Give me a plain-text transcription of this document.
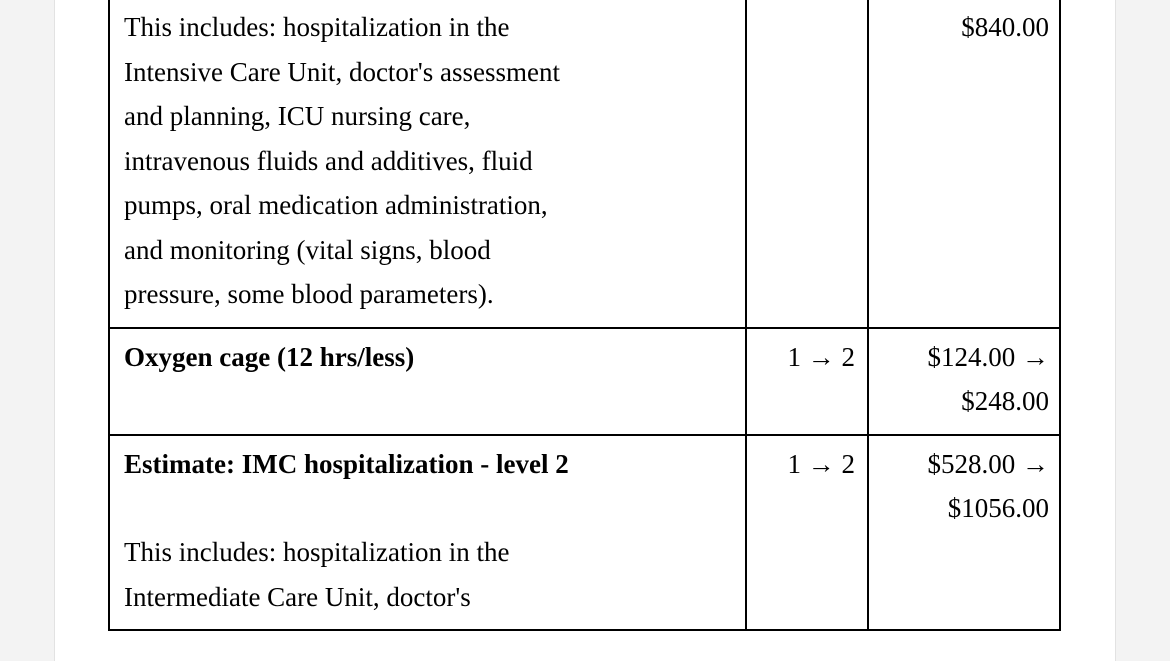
This includes: hospitalization in the
Intensive Care Unit, doctor's assessment
and planning, ICU nursing care,
intravenous fluids and additives, fluid
pumps, oral medication administration,
and monitoring (vital signs, blood
pressure, some blood parameters).
		$840.00

Oxygen cage (12 hrs/less)	1 → 2	$124.00 →
$248.00

Estimate: IMC hospitalization - level 2
This includes: hospitalization in the
Intermediate Care Unit, doctor's	1 → 2	$528.00 →
$1056.00
